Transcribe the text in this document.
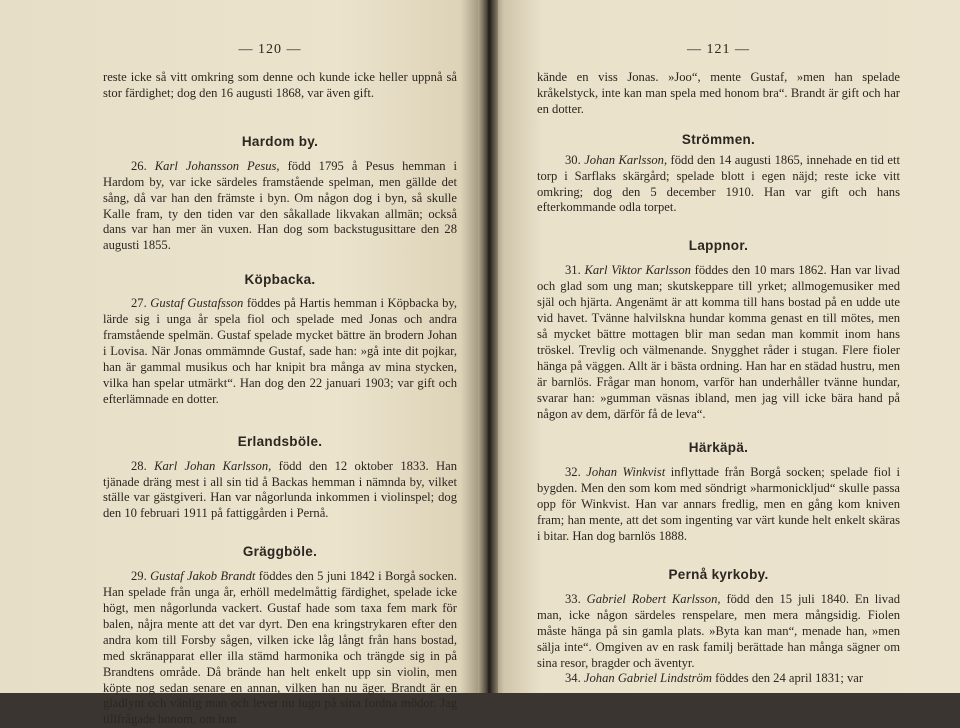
— 120 —

reste icke så vitt omkring som denne och kunde icke heller uppnå så stor färdighet; dog den 16 augusti 1868, var även gift.

Hardom by.

26. Karl Johansson Pesus, född 1795 å Pesus hemman i Hardom by, var icke särdeles framstående spelman, men gällde det sång, då var han den främste i byn. Om någon dog i byn, så skulle Kalle fram, ty den tiden var den såkallade likvakan allmän; också dans var han mer än vuxen. Han dog som backstugusittare den 28 augusti 1855.

Köpbacka.

27. Gustaf Gustafsson föddes på Hartis hemman i Köpbacka by, lärde sig i unga år spela fiol och spelade med Jonas och andra framstående spelmän. Gustaf spelade mycket bättre än brodern Johan i Lovisa. När Jonas ommämnde Gustaf, sade han: »gå inte dit pojkar, han är gammal musikus och har knipit bra många av mina stycken, vilka han spelar utmärkt“. Han dog den 22 januari 1903; var gift och efterlämnade en dotter.

Erlandsböle.

28. Karl Johan Karlsson, född den 12 oktober 1833. Han tjänade dräng mest i all sin tid å Backas hemman i nämnda by, vilket ställe var gästgiveri. Han var någorlunda inkommen i violinspel; dog den 10 februari 1911 på fattiggården i Pernå.

Gräggböle.

29. Gustaf Jakob Brandt föddes den 5 juni 1842 i Borgå socken. Han spelade från unga år, erhöll medelmåttig färdighet, spelade icke högt, men någorlunda vackert. Gustaf hade som taxa fem mark för balen, nåjra mente att det var dyrt. Den ena kringstrykaren efter den andra kom till Forsby sågen, vilken icke låg långt från hans bostad, med skränapparat eller illa stämd harmonika och trängde sig in på Brandtens område. Då brände han helt enkelt upp sin violin, men köpte nog sedan senare en annan, vilken han nu äger. Brandt är en gladlynt och vänlig man och lever nu lugn på sina fordna mödor. Jag tillfrågade honom, om han

— 121 —

kände en viss Jonas. »Joo“, mente Gustaf, »men han spelade kråkelstyck, inte kan man spela med honom bra“. Brandt är gift och har en dotter.

Strömmen.

30. Johan Karlsson, född den 14 augusti 1865, innehade en tid ett torp i Sarflaks skärgård; spelade blott i egen näjd; reste icke vitt omkring; dog den 5 december 1910. Han var gift och hans efterkommande odla torpet.

Lappnor.

31. Karl Viktor Karlsson föddes den 10 mars 1862. Han var livad och glad som ung man; skutskeppare till yrket; allmogemusiker med själ och hjärta. Angenämt är att komma till hans bostad på en udde ute vid havet. Tvänne halvilskna hundar komma genast en till mötes, men så mycket bättre mottagen blir man sedan man kommit inom hans tröskel. Trevlig och välmenande. Snygghet råder i stugan. Flere fioler hänga på väggen. Allt är i bästa ordning. Han har en städad hustru, men är barnlös. Frågar man honom, varför han underhåller tvänne hundar, svarar han: »gumman väsnas ibland, men jag vill icke bära hand på någon av dem, därför få de leva“.

Härkäpä.

32. Johan Winkvist inflyttade från Borgå socken; spelade fiol i bygden. Men den som kom med söndrigt »harmonickljud“ skulle passa opp för Winkvist. Han var annars fredlig, men en gång kom kniven fram; han mente, att det som ingenting var värt kunde helt enkelt skäras i bitar. Han dog barnlös 1888.

Pernå kyrkoby.

33. Gabriel Robert Karlsson, född den 15 juli 1840. En livad man, icke någon särdeles renspelare, men mera mångsidig. Fiolen måste hänga på sin gamla plats. »Byta kan man“, menade han, »men sälja inte“. Omgiven av en rask familj berättade han många sägner om sina resor, bragder och äventyr.

34. Johan Gabriel Lindström föddes den 24 april 1831; var
